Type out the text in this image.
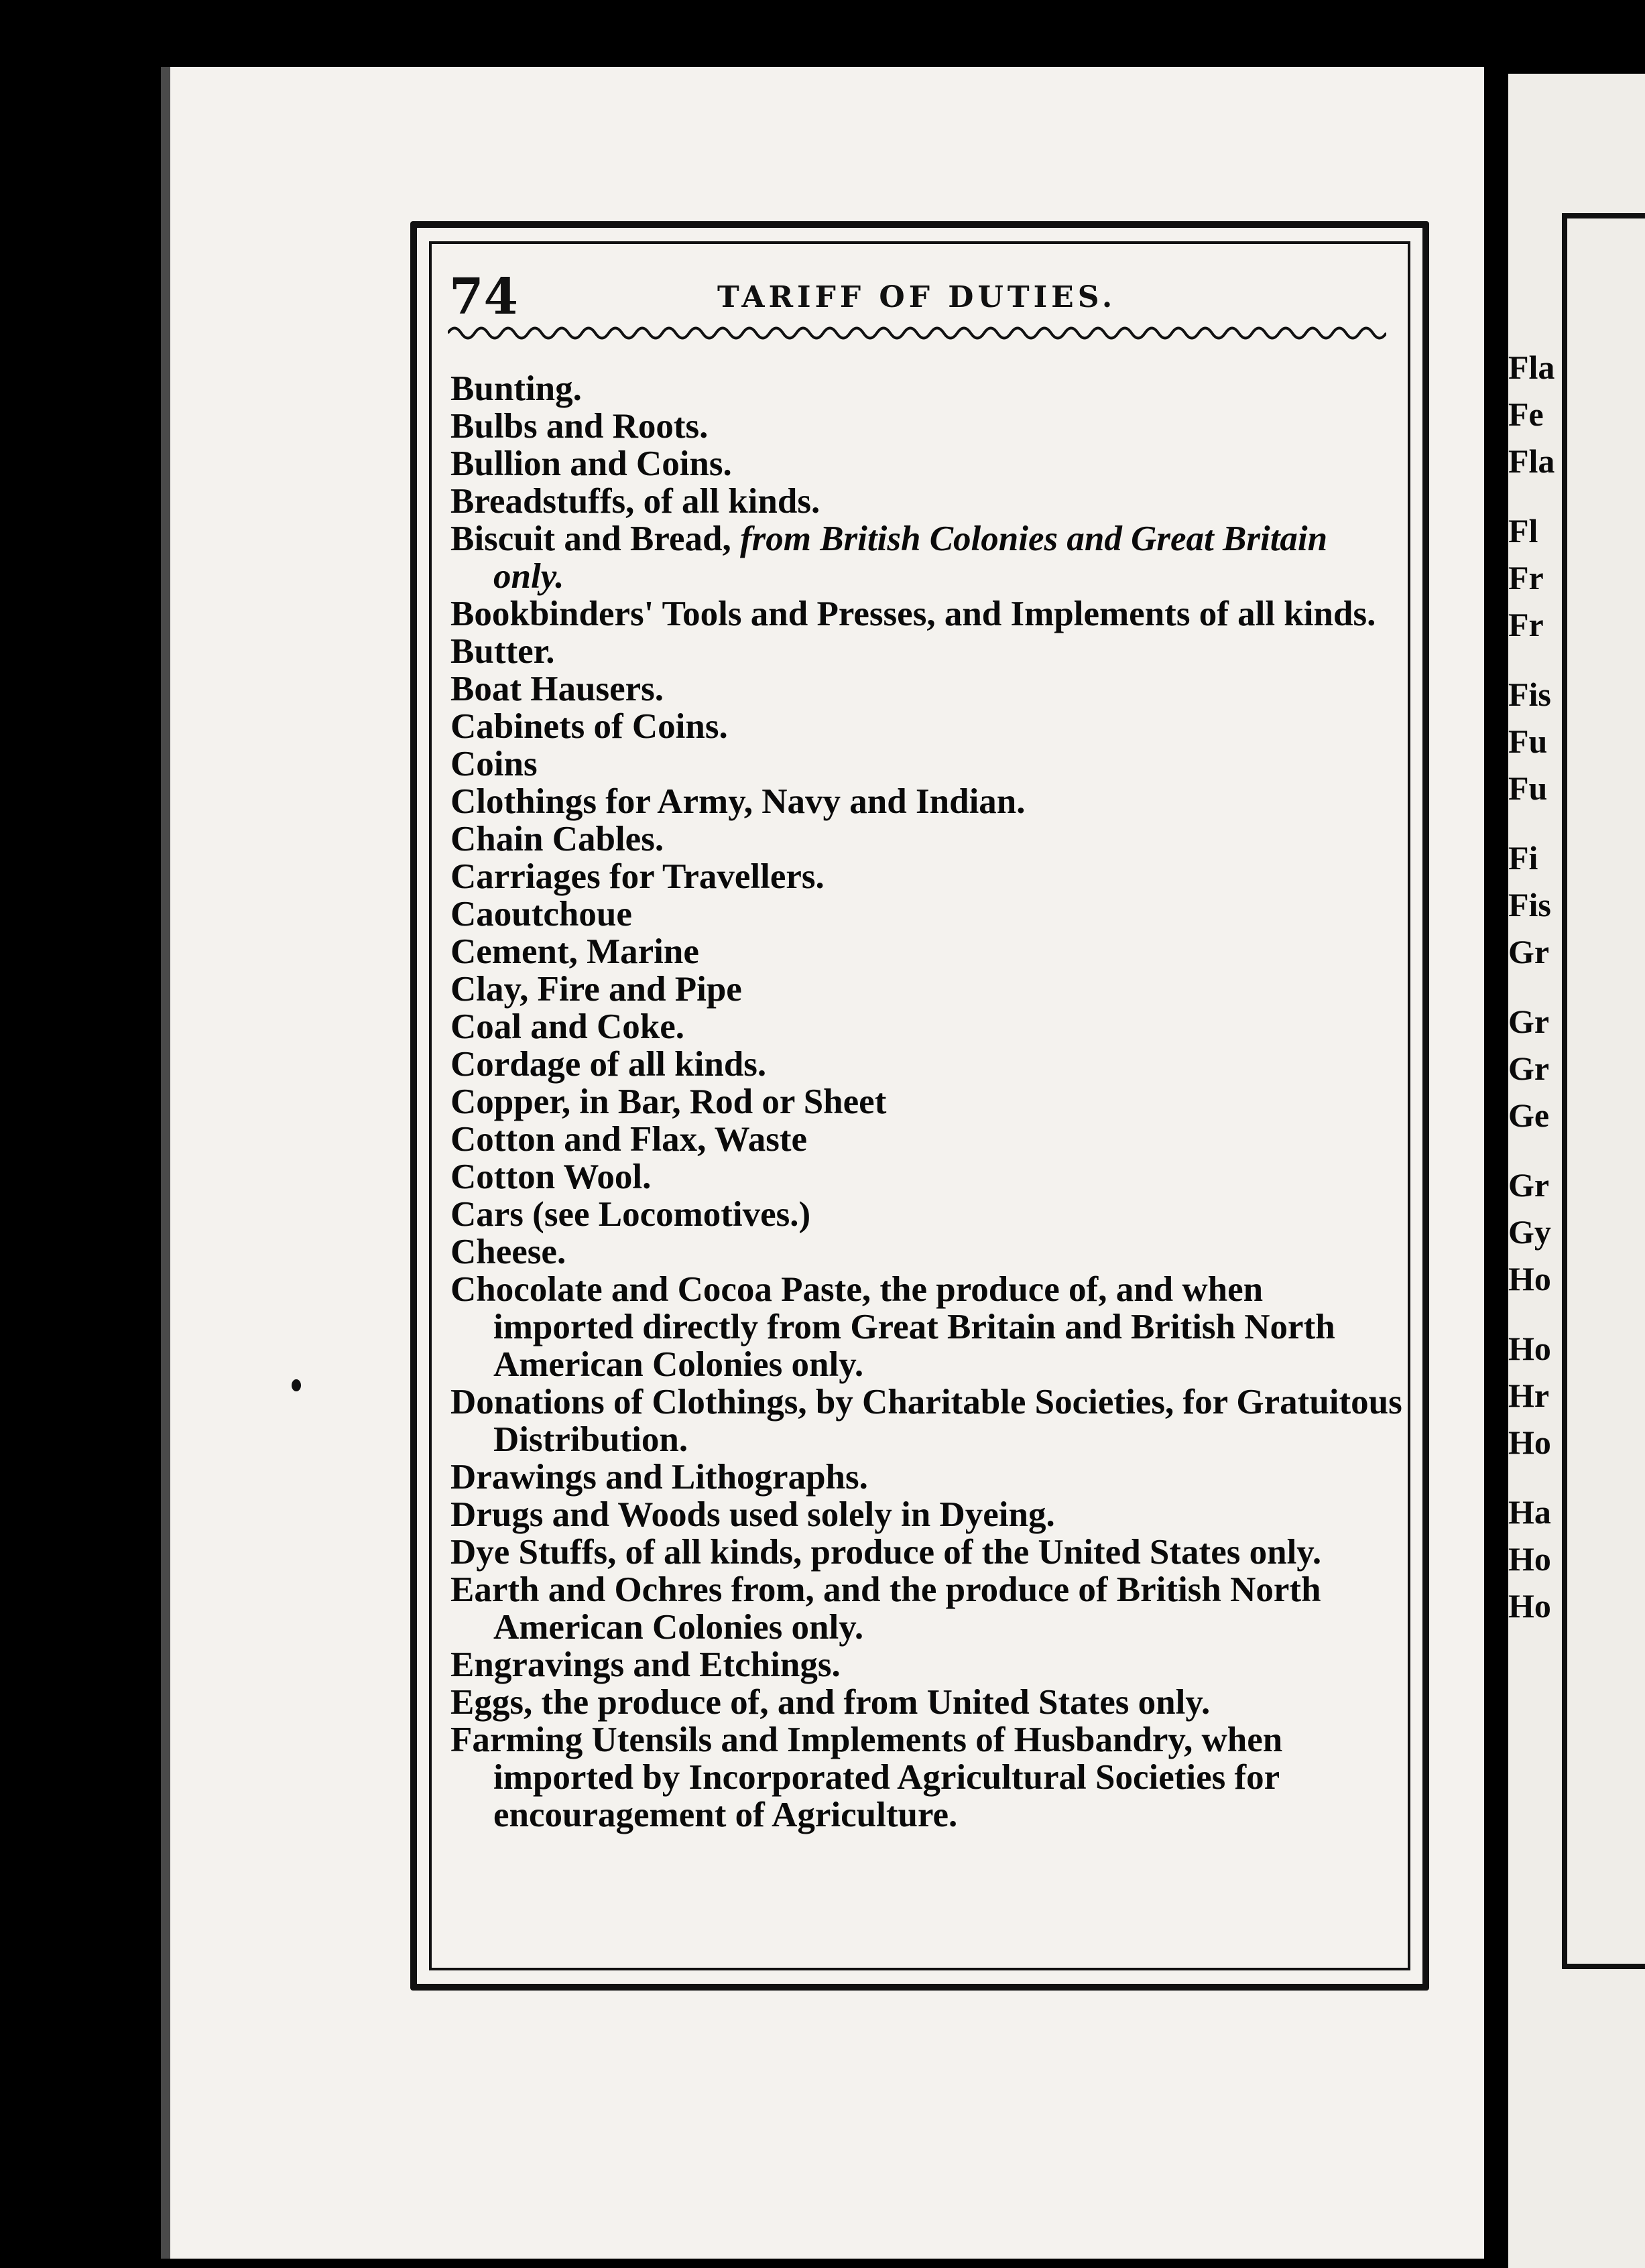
74	TARIFF OF DUTIES.
Bunting.
Bulbs and Roots.
Bullion and Coins.
Breadstuffs, of all kinds.
Biscuit and Bread, from British Colonies and Great Britain only.
Bookbinders' Tools and Presses, and Implements of all kinds.
Butter.
Boat Hausers.
Cabinets of Coins.
Coins
Clothings for Army, Navy and Indian.
Chain Cables.
Carriages for Travellers.
Caoutchoue
Cement, Marine
Clay, Fire and Pipe
Coal and Coke.
Cordage of all kinds.
Copper, in Bar, Rod or Sheet
Cotton and Flax, Waste
Cotton Wool.
Cars (see Locomotives.)
Cheese.
Chocolate and Cocoa Paste, the produce of, and when imported directly from Great Britain and British North American Colonies only.
Donations of Clothings, by Charitable Societies, for Gratuitous Distribution.
Drawings and Lithographs.
Drugs and Woods used solely in Dyeing.
Dye Stuffs, of all kinds, produce of the United States only.
Earth and Ochres from, and the produce of British North American Colonies only.
Engravings and Etchings.
Eggs, the produce of, and from United States only.
Farming Utensils and Implements of Husbandry, when imported by Incorporated Agricultural Societies for encouragement of Agriculture.
Fla
Fe
Fla
Fl
Fr
Fr
Fis
Fu
Fu
Fi
Fis
Gr
Gr
Gr
Ge
Gr
Gy
Ho
Ho
Hr
Ho
Ha
Ho
Ho
